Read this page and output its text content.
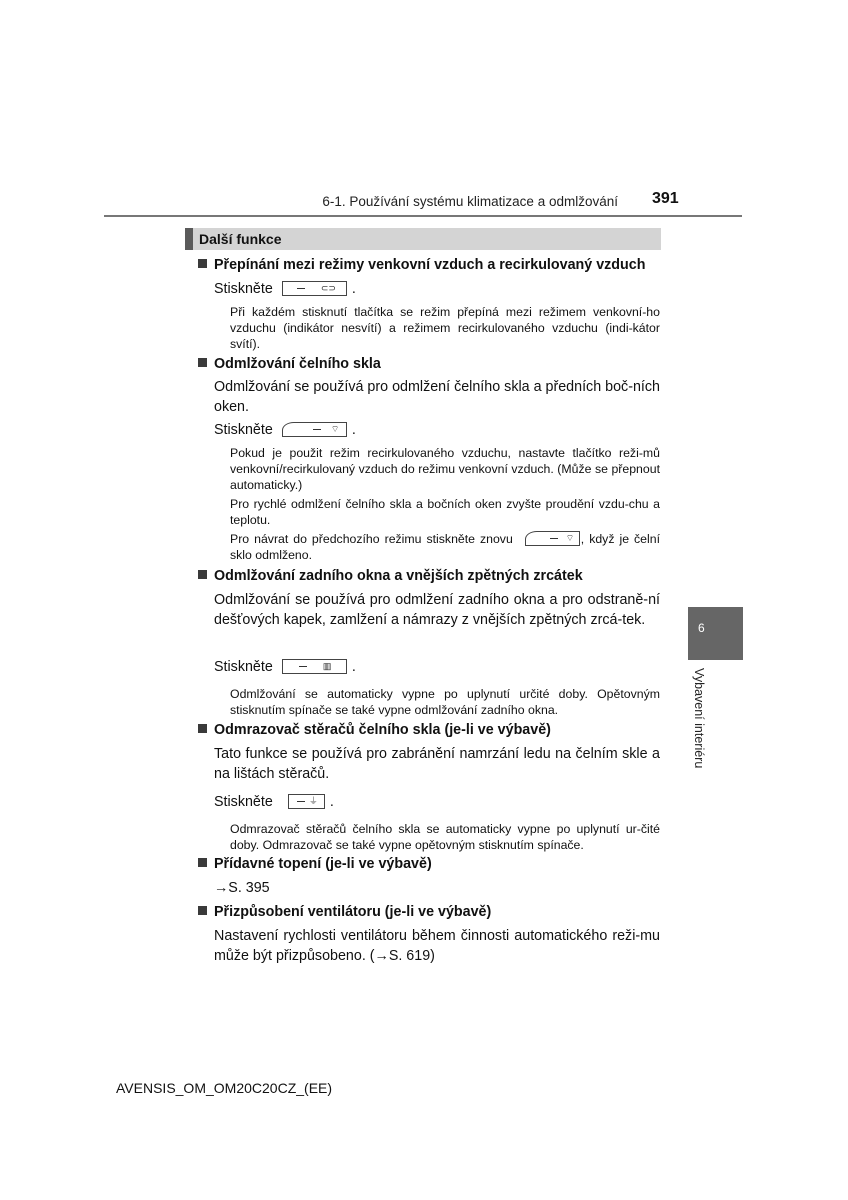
6-1. Používání systému klimatizace a odmlžování 391
Další funkce
Přepínání mezi režimy venkovní vzduch a recirkulovaný vzduch
Stiskněte	⊂⊃ .
Při každém stisknutí tlačítka se režim přepíná mezi režimem venkovní-ho vzduchu (indikátor nesvítí) a režimem recirkulovaného vzduchu (indi-kátor svítí).
Odmlžování čelního skla
Odmlžování se používá pro odmlžení čelního skla a předních boč-ních oken.
Stiskněte	⌔ .
Pokud je použit režim recirkulovaného vzduchu, nastavte tlačítko reži-mů venkovní/recirkulovaný vzduch do režimu venkovní vzduch. (Může se přepnout automaticky.)
Pro rychlé odmlžení čelního skla a bočních oken zvyšte proudění vzdu-chu a teplotu.
Pro návrat do předchozího režimu stiskněte znovu	⌔ , když je čelní sklo odmlženo.
Odmlžování zadního okna a vnějších zpětných zrcátek
Odmlžování se používá pro odmlžení zadního okna a pro odstraně-ní dešťových kapek, zamlžení a námrazy z vnějších zpětných zrcá-tek.
Stiskněte	▥ .
Odmlžování se automaticky vypne po uplynutí určité doby. Opětovným stisknutím spínače se také vypne odmlžování zadního okna.
Odmrazovač stěračů čelního skla (je-li ve výbavě)
Tato funkce se používá pro zabránění namrzání ledu na čelním skle a na lištách stěračů.
Stiskněte	⏚ .
Odmrazovač stěračů čelního skla se automaticky vypne po uplynutí ur-čité doby. Odmrazovač se také vypne opětovným stisknutím spínače.
Přídavné topení (je-li ve výbavě)
→S. 395
Přizpůsobení ventilátoru (je-li ve výbavě)
Nastavení rychlosti ventilátoru během činnosti automatického reži-mu může být přizpůsobeno. (→S. 619)
6
Vybavení interiéru
AVENSIS_OM_OM20C20CZ_(EE)
